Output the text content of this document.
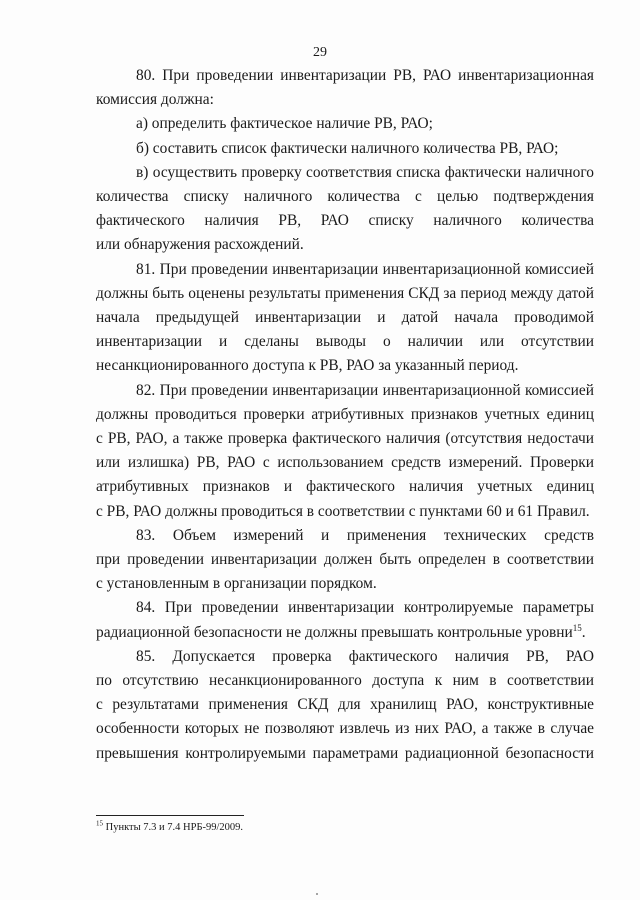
29
80. При проведении инвентаризации РВ, РАО инвентаризационная
комиссия должна:
а) определить фактическое наличие РВ, РАО;
б) составить список фактически наличного количества РВ, РАО;
в) осуществить проверку соответствия списка фактически наличного
количества списку наличного количества с целью подтверждения
фактического наличия РВ, РАО списку наличного количества
или обнаружения расхождений.
81. При проведении инвентаризации инвентаризационной комиссией
должны быть оценены результаты применения СКД за период между датой
начала предыдущей инвентаризации и датой начала проводимой
инвентаризации и сделаны выводы о наличии или отсутствии
несанкционированного доступа к РВ, РАО за указанный период.
82. При проведении инвентаризации инвентаризационной комиссией
должны проводиться проверки атрибутивных признаков учетных единиц
с РВ, РАО, а также проверка фактического наличия (отсутствия недостачи
или излишка) РВ, РАО с использованием средств измерений. Проверки
атрибутивных признаков и фактического наличия учетных единиц
с РВ, РАО должны проводиться в соответствии с пунктами 60 и 61 Правил.
83. Объем измерений и применения технических средств
при проведении инвентаризации должен быть определен в соответствии
с установленным в организации порядком.
84. При проведении инвентаризации контролируемые параметры
радиационной безопасности не должны превышать контрольные уровни$^{15}$.
85. Допускается проверка фактического наличия РВ, РАО
по отсутствию несанкционированного доступа к ним в соответствии
с результатами применения СКД для хранилищ РАО, конструктивные
особенности которых не позволяют извлечь из них РАО, а также в случае
превышения контролируемыми параметрами радиационной безопасности
$^{15}$ Пункты 7.3 и 7.4 НРБ-99/2009.
